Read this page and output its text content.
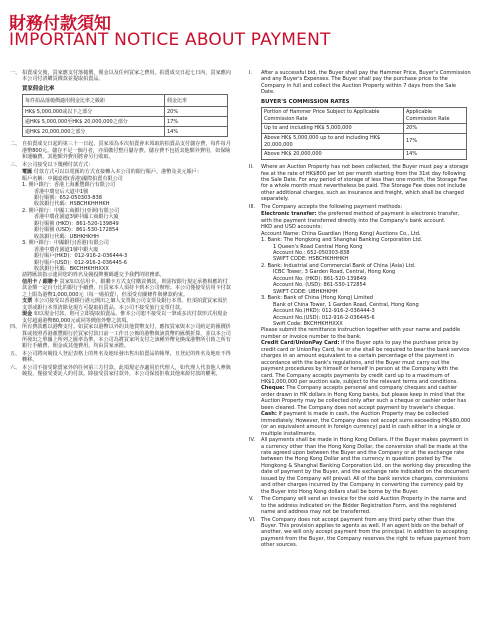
財務付款須知
IMPORTANT NOTICE ABOUT PAYMENT
一、 拍賣成交後，買家應支付落槌價，佣金以及任何買家之費用。拍賣成交日起七日內，買家應向本公司付清購買價款並提取拍賣品。
買家佣金比率
每件拍品落槌價適用佣金比率之級距	佣金比率
HK$ 5,000,000或以下之部分	20%
逾HK$ 5,000,000至HK$ 20,000,000之部分	17%
逾HK$ 20,000,000之部分	14%
二、 自拍賣成交日起的第三十一日起，買家須為本次拍賣會未領取的拍賣品支付儲存費，每件每月港幣800元。儲存不足一個月者，亦須繳付整月儲存費。儲存費不包括其他額外費用，如保險和運輸費。其他額外費用將會另行收取。
三、 本公司接受以下幾種付款方式：
電匯 付款方式可以以電匯的方式直接轉入本公司的銀行賬戶。港幣及美元賬戶：
賬戶名稱：中國嘉德(香港)國際拍賣有限公司
1. 開戶銀行：香港上海滙豐銀行有限公司
香港中環皇后大道中1號
銀行賬號：652-050303-838
收款銀行代碼：HSBCHKHHHKH
2. 開戶銀行：中國工商銀行(亞洲)有限公司
香港中環花園道3號中國工商銀行大廈
銀行賬號 (HKD)：861-520-139849
銀行賬號 (USD)：861-530-172854
收款銀行代碼：UBHKHKHH
3. 開戶銀行：中國銀行(香港)有限公司
香港中環花園道1號中銀大廈
銀行賬戶(HKD)：012-916-2-036444-3
銀行賬戶(USD)：012-916-2-036445-6
收款銀行代碼：BKCHHKHHXXX
請將匯款指示連同您的姓名及競投牌號碼遞交予我們的財務部。
信用卡 / 銀聯卡 買家如以信用卡、銀聯卡方式支付購買價款，則需按銀行規定承擔相應的付款金額一定百分比的銀行手續費，且買家本人須持卡到本公司辦理。本公司僅接受信用卡付款之上限為港幣1,000,000元（每一場拍賣），但須受有關條件與條款約束。
支票 本公司接受以香港銀行港元開出之個人支票與公司支票及銀行本票。但須拍賣買家須於支票或銀行本票清除兌現方可提取拍賣品。本公司不接受旅行支票付款。
現金 如以現金付款，則可立即提取拍賣品。惟本公司恕不接受以一筆或多次付款形式用現金支付超過港幣80,000元或同等價值外幣之款項。
四、 所有費款應以港幣支付。如買家以港幣以外的其他貨幣支付，應按買家與本公司約定的匯價折算或按照香港滙豐銀行於買家付款日前一工作日公佈的港幣與該貨幣的匯價折算，並以本公司所發出之單據上所列之匯率為準。本公司為將買家所支付之該種外幣兌換成港幣所引致之所有銀行手續費、佣金或其他費用，均由買家承擔。
五、 本公司將向競投人登記表格上的姓名及地址發出售出拍賣品的帳單，且登記的姓名及地址不得轉移。
六、 本公司不接受除賣家外的任何第三方付款。此項規定亦適用於代理人，如代理人代表他人參與競投，僅接受委託人的付款。除接受買家付款外，本公司保留拒收其他來源付款的權利。
I.	After a successful bid, the Buyer shall pay the Hammer Price, Buyer's Commission and any Buyer's Expenses. The Buyer shall pay the purchase price to the Company in full and collect the Auction Property within 7 days from the Sale Date.
BUYER'S COMMISSION RATES
Portion of Hammer Price Subject to Applicable Commission Rate	Applicable Commission Rate
Up to and including HK$ 5,000,000	20%
Above HK$ 5,000,000 up to and including HK$ 20,000,000	17%
Above HK$ 20,000,000	14%
II.	Where an Auction Property has not been collected, the Buyer must pay a storage fee at the rate of HK$800 per lot per month starting from the 31st day following the Sale Date. For any period of storage of less than one month, the Storage Fee for a whole month must nevertheless be paid. The Storage Fee does not include other additional charges, such as insurance and freight, which shall be charged separately.
III.	The Company accepts the following payment methods:
Electronic transfer: the preferred method of payment is electronic transfer, with the payment transferred directly into the Company's bank account.
HKD and USD accounts:
Account Name: China Guardian (Hong Kong) Auctions Co., Ltd.
1. Bank: The Hongkong and Shanghai Banking Corporation Ltd.
1 Queen's Road Central Hong Kong
Account No.: 652-050303-838
SWIFT CODE: HSBCHKHHHKH
2. Bank: Industrial and Commercial Bank of China (Asia) Ltd.
ICBC Tower, 3 Garden Road, Central, Hong Kong
Account No. (HKD): 861-520-139849
Account No. (USD): 861-530-172854
SWIFT CODE: UBHKHKHH
3. Bank: Bank of China (Hong Kong) Limited
Bank of China Tower, 1 Garden Road, Central, Hong Kong
Account No.(HKD): 012-916-2-036444-3
Account No.(USD): 012-916-2-036445-6
Swift Code: BKCHHKHHXXX
Please submit the remittance instruction together with your name and paddle number or invoice number to the bank.
Credit Card/UnionPay Card: If the Buyer opts to pay the purchase price by credit card or UnionPay Card, he or she shall be required to bear the bank service charges in an amount equivalent to a certain percentage of the payment in accordance with the bank's regulations, and the Buyer must carry out the payment procedures by himself or herself in person at the Company with the card. The Company accepts payments by credit card up to a maximum of HK$1,000,000 per auction sale, subject to the relevant terms and conditions.
Cheque: The Company accepts personal and company cheques and cashier order drawn in HK dollars in Hong Kong banks, but please keep in mind that the Auction Property may be collected only after such a cheque or cashier order has been cleared. The Company does not accept payment by traveler's cheque.
Cash: If payment is made in cash, the Auction Property may be collected immediately. However, the Company does not accept sums exceeding HK$80,000 (or an equivalent amount in foreign currency) paid in cash either in a single or multiple installments.
IV.	All payments shall be made in Hong Kong Dollars. If the Buyer makes payment in a currency other than the Hong Kong Dollar, the conversion shall be made at the rate agreed upon between the Buyer and the Company or at the exchange rate between the Hong Kong Dollar and the currency in question posted by The Hongkong & Shanghai Banking Corporation Ltd. on the working day preceding the date of payment by the Buyer, and the exchange rate indicated on the document issued by the Company will prevail. All of the bank service charges, commissions and other charges incurred by the Company in converting the currency paid by the Buyer into Hong Kong dollars shall be borne by the Buyer.
V.	The Company will send an invoice for the sold Auction Property in the name and to the address indicated on the Bidder Registration Form, and the registered name and address may not be transferred.
VI.	The Company does not accept payment from any third party other than the Buyer. This provision applies to agents as well. If an agent bids on the behalf of another, we will only accept payment from the principal. In addition to accepting payment from the Buyer, the Company reserves the right to refuse payment from other sources.
